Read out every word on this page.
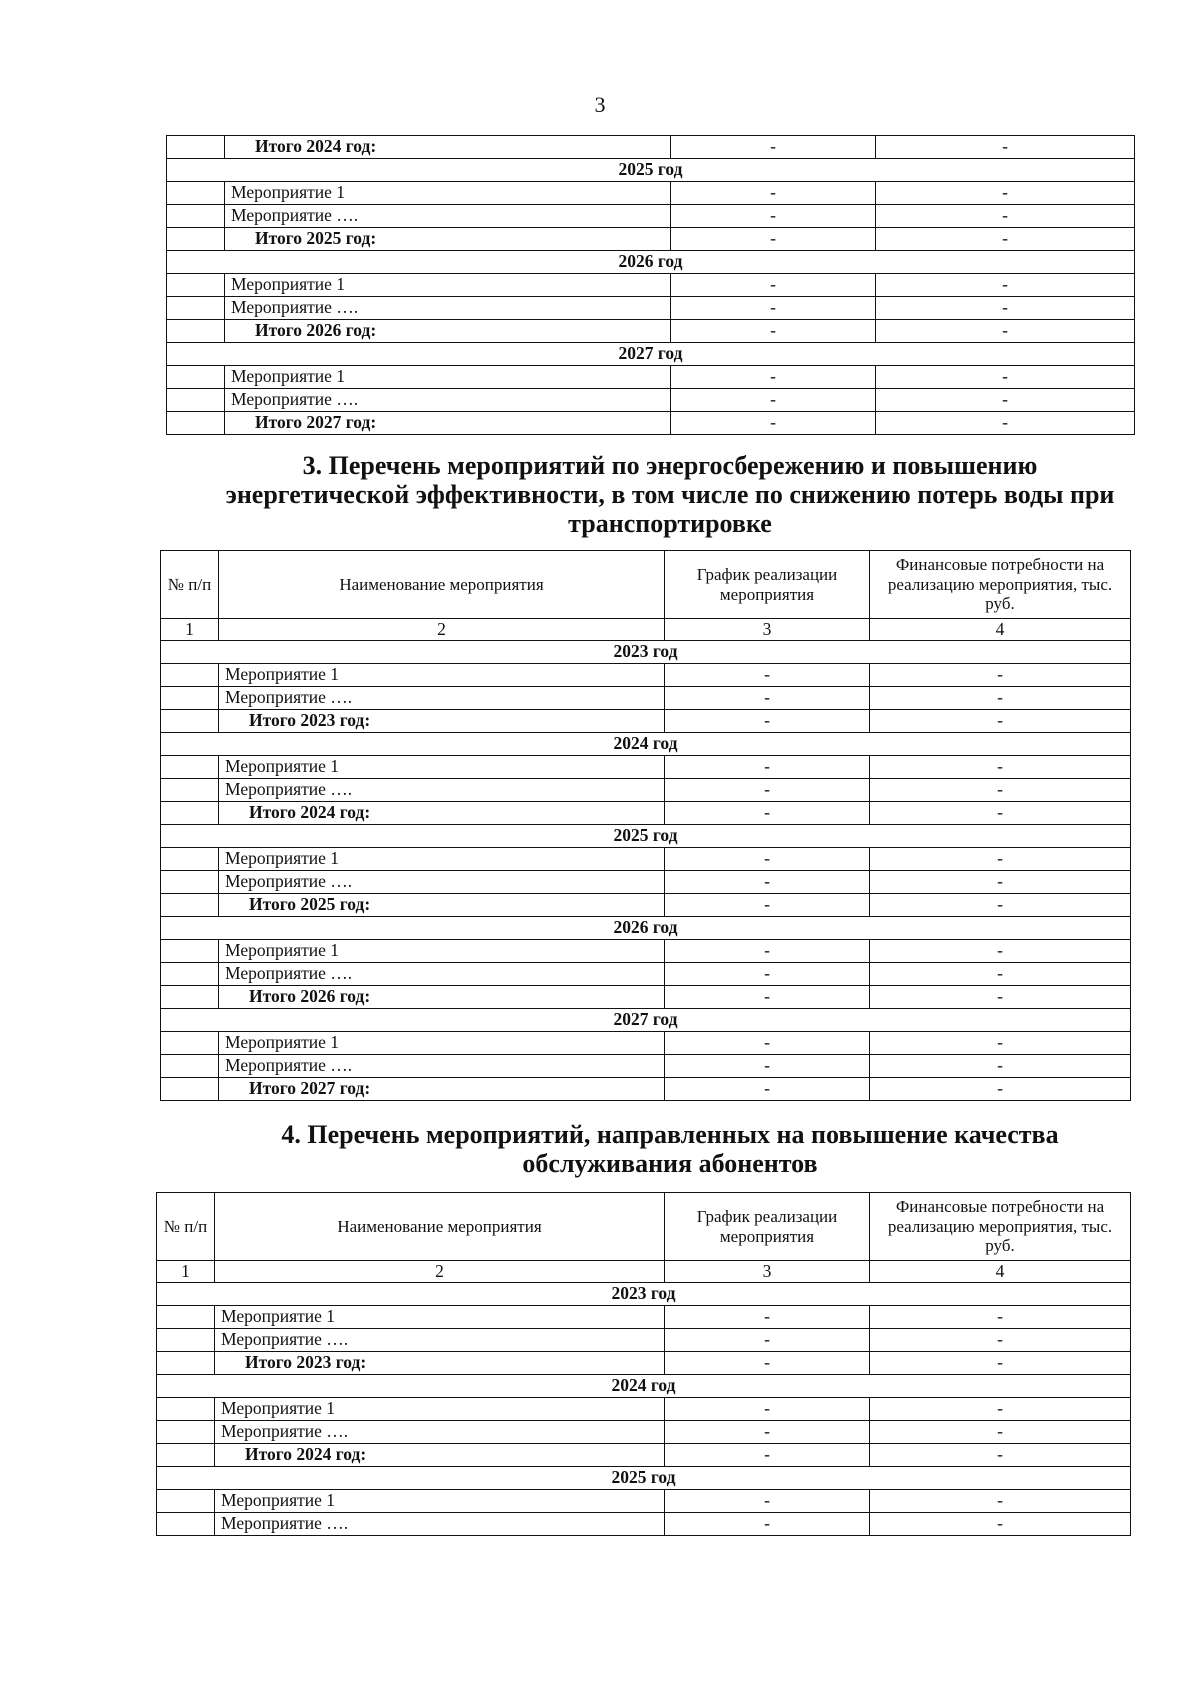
3
	Итого 2024 год:	-	-
2025 год			
	Мероприятие 1	-	-
	Мероприятие ….	-	-
	Итого 2025 год:	-	-
2026 год			
	Мероприятие 1	-	-
	Мероприятие ….	-	-
	Итого 2026 год:	-	-
2027 год			
	Мероприятие 1	-	-
	Мероприятие ….	-	-
	Итого 2027 год:	-	-
3. Перечень мероприятий по энергосбережению и повышению энергетической эффективности, в том числе по снижению потерь воды при транспортировке
№ п/п	Наименование мероприятия	График реализации мероприятия	Финансовые потребности на реализацию мероприятия, тыс. руб.
1	2	3	4
2023 год			
	Мероприятие 1	-	-
	Мероприятие ….	-	-
	Итого 2023 год:	-	-
2024 год			
	Мероприятие 1	-	-
	Мероприятие ….	-	-
	Итого 2024 год:	-	-
2025 год			
	Мероприятие 1	-	-
	Мероприятие ….	-	-
	Итого 2025 год:	-	-
2026 год			
	Мероприятие 1	-	-
	Мероприятие ….	-	-
	Итого 2026 год:	-	-
2027 год			
	Мероприятие 1	-	-
	Мероприятие ….	-	-
	Итого 2027 год:	-	-
4. Перечень мероприятий, направленных на повышение качества обслуживания абонентов
№ п/п	Наименование мероприятия	График реализации мероприятия	Финансовые потребности на реализацию мероприятия, тыс. руб.
1	2	3	4
2023 год			
	Мероприятие 1	-	-
	Мероприятие ….	-	-
	Итого 2023 год:	-	-
2024 год			
	Мероприятие 1	-	-
	Мероприятие ….	-	-
	Итого 2024 год:	-	-
2025 год			
	Мероприятие 1	-	-
	Мероприятие ….	-	-
